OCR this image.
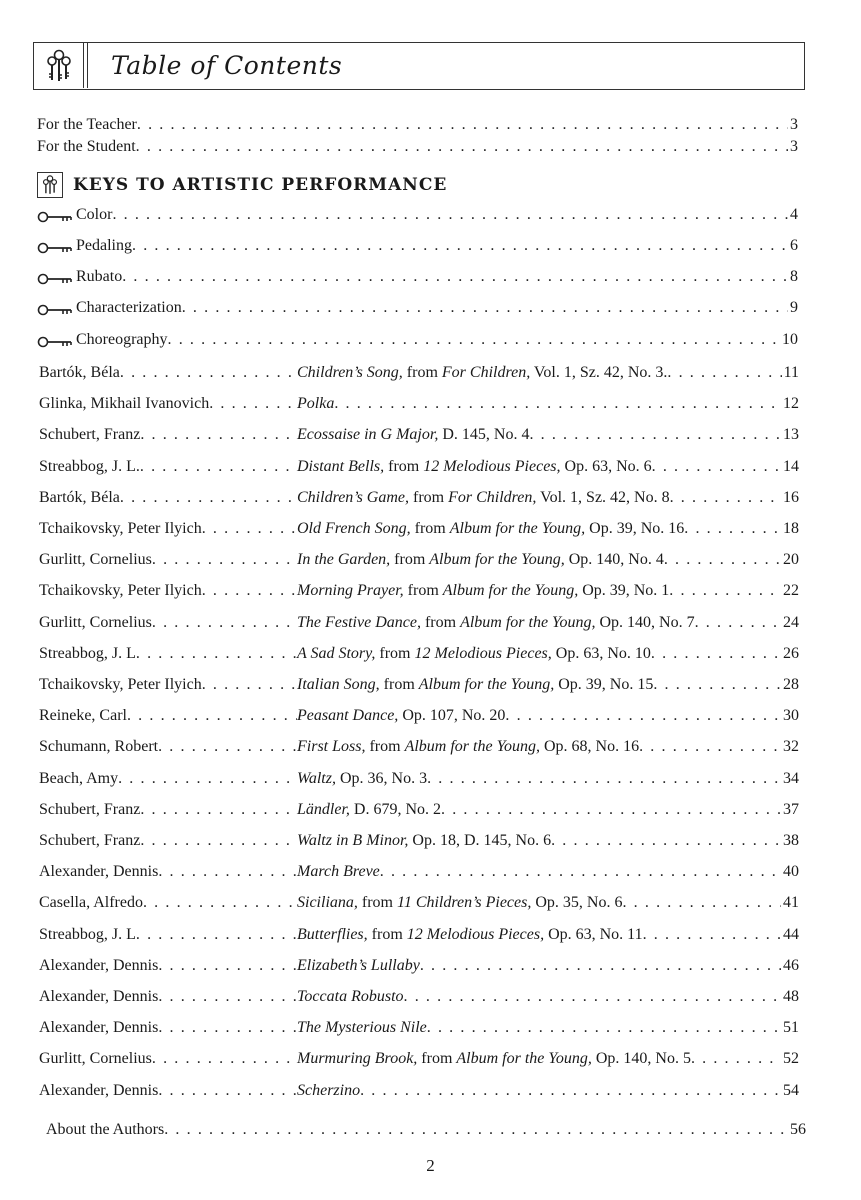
Table of Contents
For the Teacher . . .	3
For the Student . . .	3
KEYS TO ARTISTIC PERFORMANCE
Color . . .	4
Pedaling . . .	6
Rubato . . .	8
Characterization . . .	9
Choreography . . .	10
Bartók, Béla . . .	Children’s Song, from For Children, Vol. 1, Sz. 42, No. 3. . . .	11
Glinka, Mikhail Ivanovich . . .	Polka . . .	12
Schubert, Franz . . .	Ecossaise in G Major, D. 145, No. 4 . . .	13
Streabbog, J. L. . . .	Distant Bells, from 12 Melodious Pieces, Op. 63, No. 6 . . .	14
Bartók, Béla . . .	Children’s Game, from For Children, Vol. 1, Sz. 42, No. 8 . . .	16
Tchaikovsky, Peter Ilyich . . .	Old French Song, from Album for the Young, Op. 39, No. 16 . . .	18
Gurlitt, Cornelius . . .	In the Garden, from Album for the Young, Op. 140, No. 4 . . .	20
Tchaikovsky, Peter Ilyich . . .	Morning Prayer, from Album for the Young, Op. 39, No. 1 . . .	22
Gurlitt, Cornelius . . .	The Festive Dance, from Album for the Young, Op. 140, No. 7 . . .	24
Streabbog, J. L . . .	A Sad Story, from 12 Melodious Pieces, Op. 63, No. 10 . . .	26
Tchaikovsky, Peter Ilyich . . .	Italian Song, from Album for the Young, Op. 39, No. 15 . . .	28
Reineke, Carl . . .	Peasant Dance, Op. 107, No. 20 . . .	30
Schumann, Robert . . .	First Loss, from Album for the Young, Op. 68, No. 16 . . .	32
Beach, Amy . . .	Waltz, Op. 36, No. 3 . . .	34
Schubert, Franz . . .	Ländler, D. 679, No. 2 . . .	37
Schubert, Franz . . .	Waltz in B Minor, Op. 18, D. 145, No. 6 . . .	38
Alexander, Dennis . . .	March Breve . . .	40
Casella, Alfredo . . .	Siciliana, from 11 Children’s Pieces, Op. 35, No. 6 . . .	41
Streabbog, J. L . . .	Butterflies, from 12 Melodious Pieces, Op. 63, No. 11 . . .	44
Alexander, Dennis . . .	Elizabeth’s Lullaby . . .	46
Alexander, Dennis . . .	Toccata Robusto . . .	48
Alexander, Dennis . . .	The Mysterious Nile . . .	51
Gurlitt, Cornelius . . .	Murmuring Brook, from Album for the Young, Op. 140, No. 5 . . .	52
Alexander, Dennis . . .	Scherzino . . .	54
About the Authors . . .	56
2
